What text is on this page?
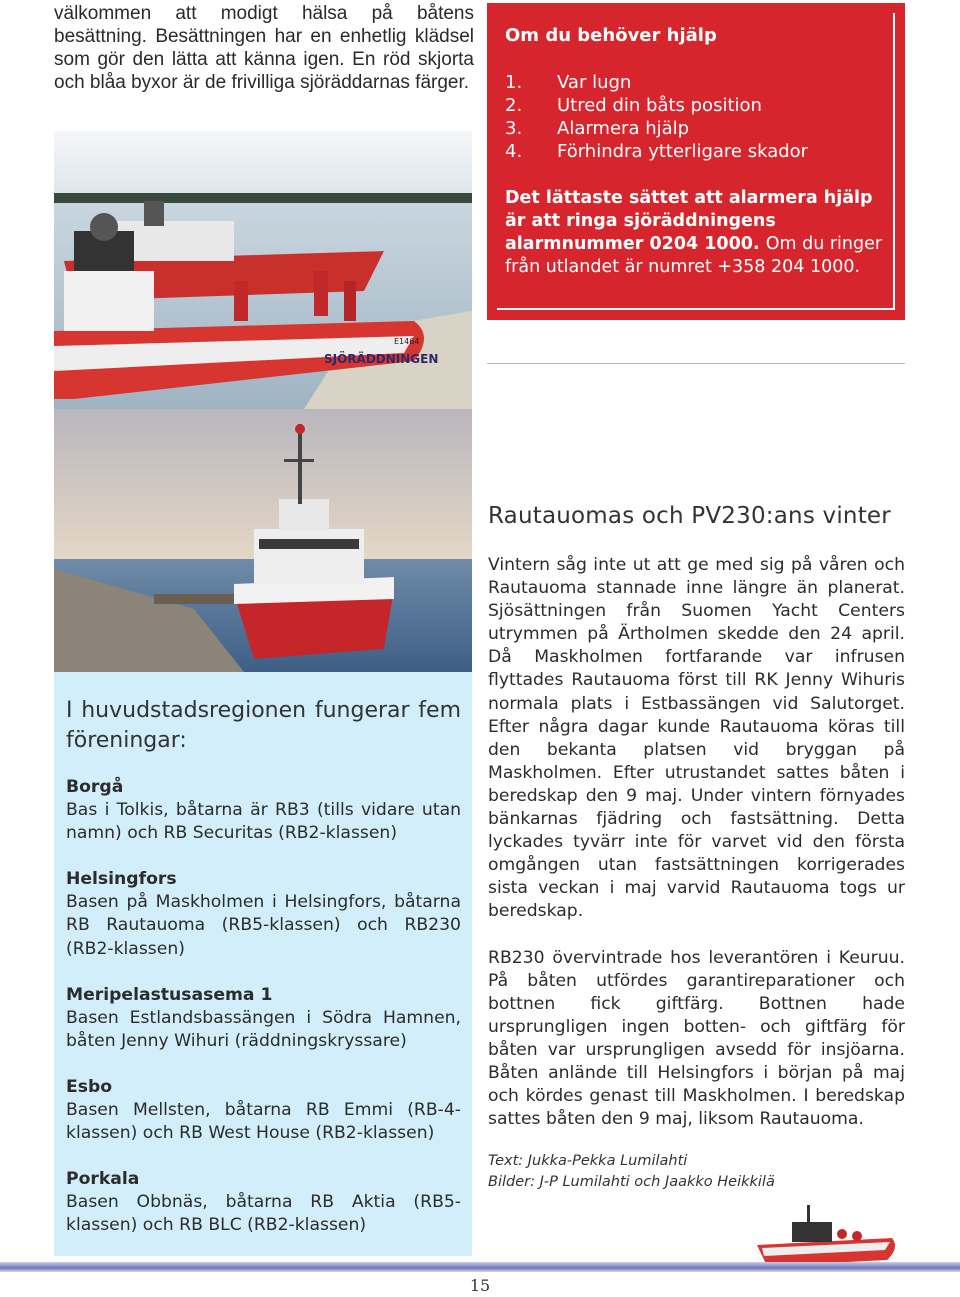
välkommen att modigt hälsa på båtens besättning. Besättningen har en enhetlig klädsel som gör den lätta att känna igen. En röd skjorta och blåa byxor är de frivilliga sjöräddarnas färger.
SJÖRÄDDNINGEN
E1464
Om du behöver hjälp
1. Var lugn
2. Utred din båts position
3. Alarmera hjälp
4. Förhindra ytterligare skador
Det lättaste sättet att alarmera hjälp är att ringa sjöräddningens alarmnummer 0204 1000. Om du ringer från utlandet är numret +358 204 1000.
Rautauomas och PV230:ans vinter

Vintern såg inte ut att ge med sig på våren och Rautauoma stannade inne längre än planerat. Sjösättningen från Suomen Yacht Centers utrymmen på Ärtholmen skedde den 24 april. Då Maskholmen fortfarande var infrusen flyttades Rautauoma först till RK Jenny Wihuris normala plats i Estbassängen vid Salutorget. Efter några dagar kunde Rautauoma köras till den bekanta platsen vid bryggan på Maskholmen. Efter utrustandet sattes båten i beredskap den 9 maj. Under vintern förnyades bänkarnas fjädring och fastsättning. Detta lyckades tyvärr inte för varvet vid den första omgången utan fastsättningen korrigerades sista veckan i maj varvid Rautauoma togs ur beredskap.

RB230 övervintrade hos leverantören i Keuruu. På båten utfördes garantireparationer och bottnen fick giftfärg. Bottnen hade ursprungligen ingen botten- och giftfärg för båten var ursprungligen avsedd för insjöarna. Båten anlände till Helsingfors i början på maj och kördes genast till Maskholmen. I beredskap sattes båten den 9 maj, liksom Rautauoma.

Text: Jukka-Pekka Lumilahti
Bilder: J-P Lumilahti och Jaakko Heikkilä
I huvudstadsregionen fungerar fem föreningar:
Borgå
Bas i Tolkis, båtarna är RB3 (tills vidare utan namn) och RB Securitas (RB2-klassen)
Helsingfors
Basen på Maskholmen i Helsingfors, båtarna RB Rautauoma (RB5-klassen) och RB230 (RB2-klassen)
Meripelastusasema 1
Basen Estlandsbassängen i Södra Hamnen, båten Jenny Wihuri (räddningskryssare)
Esbo
Basen Mellsten, båtarna RB Emmi (RB-4-klassen) och RB West House (RB2-klassen)
Porkala
Basen Obbnäs, båtarna RB Aktia (RB5-klassen) och RB BLC (RB2-klassen)
15
